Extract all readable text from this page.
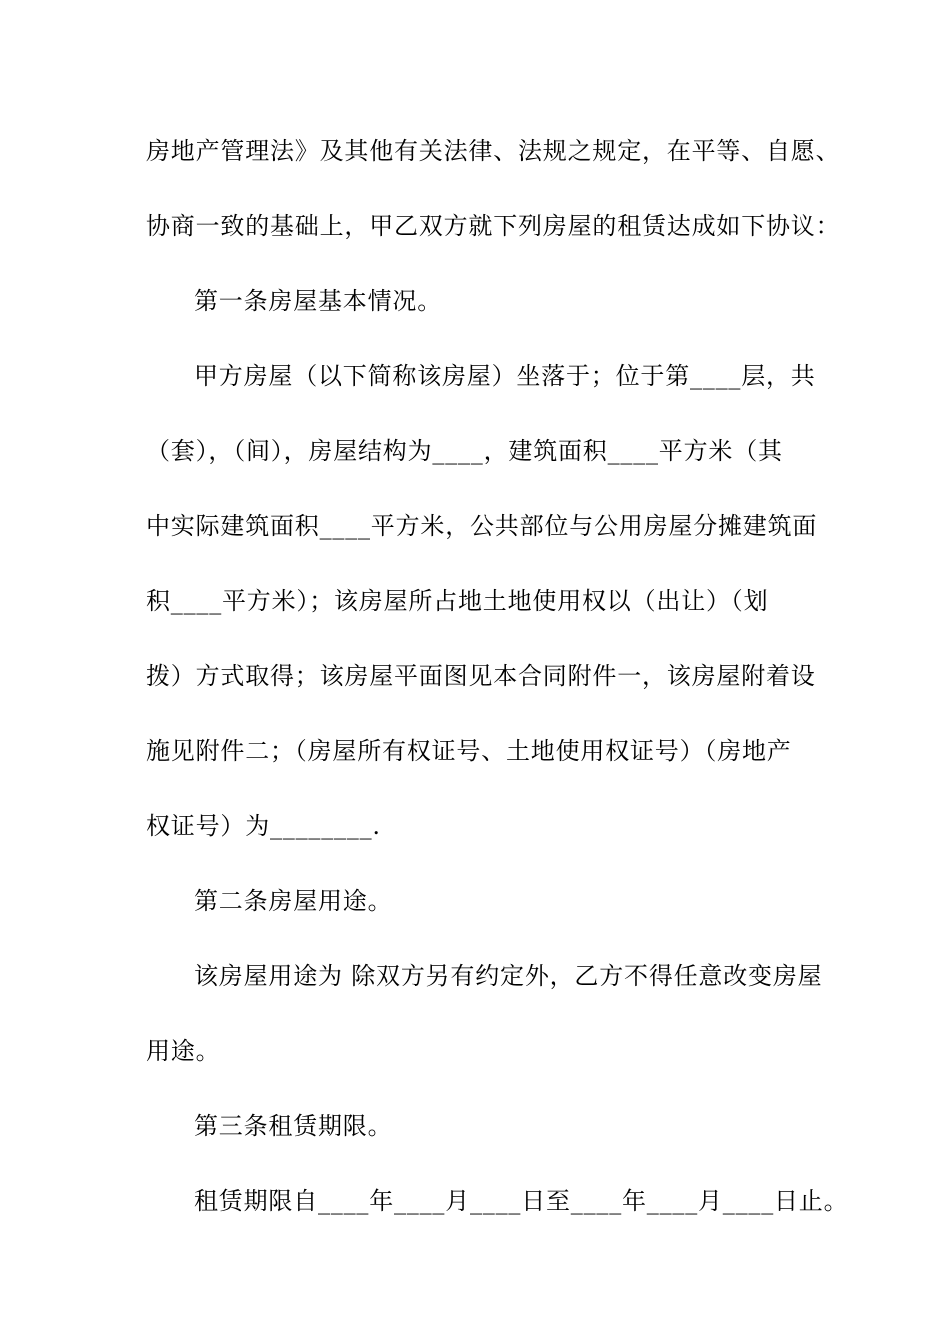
房地产管理法》及其他有关法律、法规之规定，在平等、自愿、
协商一致的基础上，甲乙双方就下列房屋的租赁达成如下协议：
第一条房屋基本情况。
甲方房屋（以下简称该房屋）坐落于；位于第____层，共
（套），（间），房屋结构为____，建筑面积____平方米（其
中实际建筑面积____平方米，公共部位与公用房屋分摊建筑面
积____平方米）；该房屋所占地土地使用权以（出让）（划
拨）方式取得；该房屋平面图见本合同附件一，该房屋附着设
施见附件二；（房屋所有权证号、土地使用权证号）（房地产
权证号）为________.
第二条房屋用途。
该房屋用途为 除双方另有约定外，乙方不得任意改变房屋
用途。
第三条租赁期限。
租赁期限自____年____月____日至____年____月____日止。
